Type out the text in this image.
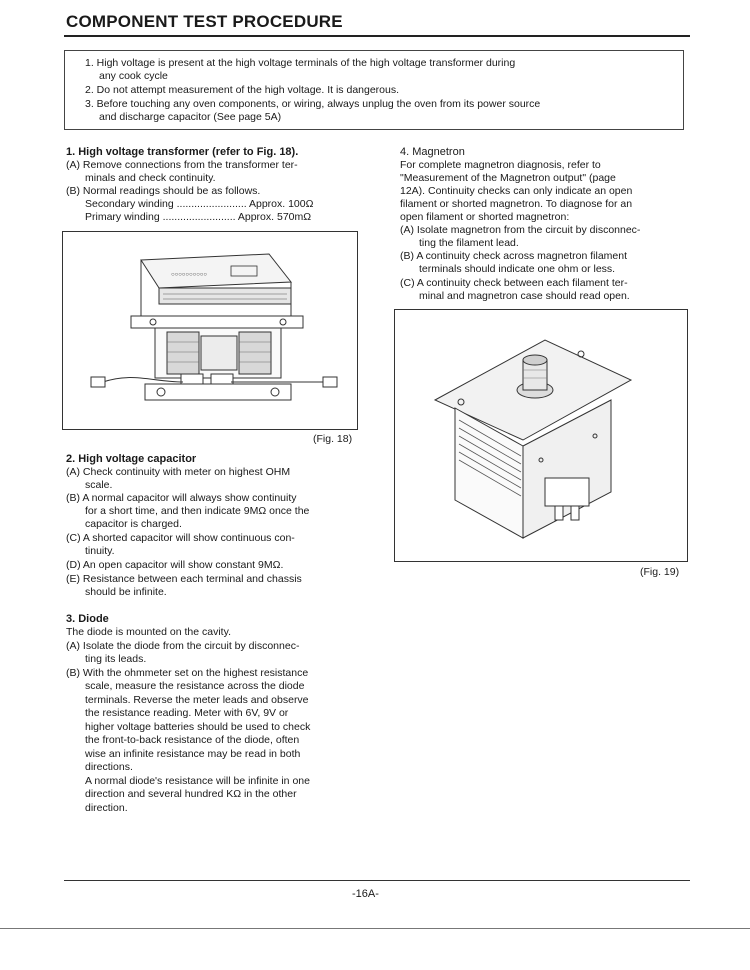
COMPONENT TEST PROCEDURE
1. High voltage is present at the high voltage terminals of the high voltage transformer during
any cook cycle
2. Do not attempt measurement of the high voltage. It is dangerous.
3. Before touching any oven components, or wiring, always unplug the oven from its power source
and discharge capacitor (See page 5A)
1. High voltage transformer (refer to Fig. 18).
(A) Remove connections from the transformer ter-
minals and check continuity.
(B) Normal readings should be as follows.
Secondary winding ........................ Approx. 100Ω
Primary winding ......................... Approx. 570mΩ
○○○○○○○○○○
(Fig. 18)
2. High voltage capacitor
(A) Check continuity with meter on highest OHM
scale.
(B) A normal capacitor will always show continuity
for a short time, and then indicate 9MΩ once the
capacitor is charged.
(C) A shorted capacitor will show continuous con-
tinuity.
(D) An open capacitor will show constant 9MΩ.
(E) Resistance between each terminal and chassis
should be infinite.
3. Diode
The diode is mounted on the cavity.
(A) Isolate the diode from the circuit by disconnec-
ting its leads.
(B) With the ohmmeter set on the highest resistance
scale, measure the resistance across the diode
terminals. Reverse the meter leads and observe
the resistance reading. Meter with 6V, 9V or
higher voltage batteries should be used to check
the front-to-back resistance of the diode, often
wise an infinite resistance may be read in both
directions.
A normal diode's resistance will be infinite in one
direction and several hundred KΩ in the other
direction.
4. Magnetron
For complete magnetron diagnosis, refer to
"Measurement of the Magnetron output" (page
12A). Continuity checks can only indicate an open
filament or shorted magnetron. To diagnose for an
open filament or shorted magnetron:
(A) Isolate magnetron from the circuit by disconnec-
ting the filament lead.
(B) A continuity check across magnetron filament
terminals should indicate one ohm or less.
(C) A continuity check between each filament ter-
minal and magnetron case should read open.
(Fig. 19)
-16A-
